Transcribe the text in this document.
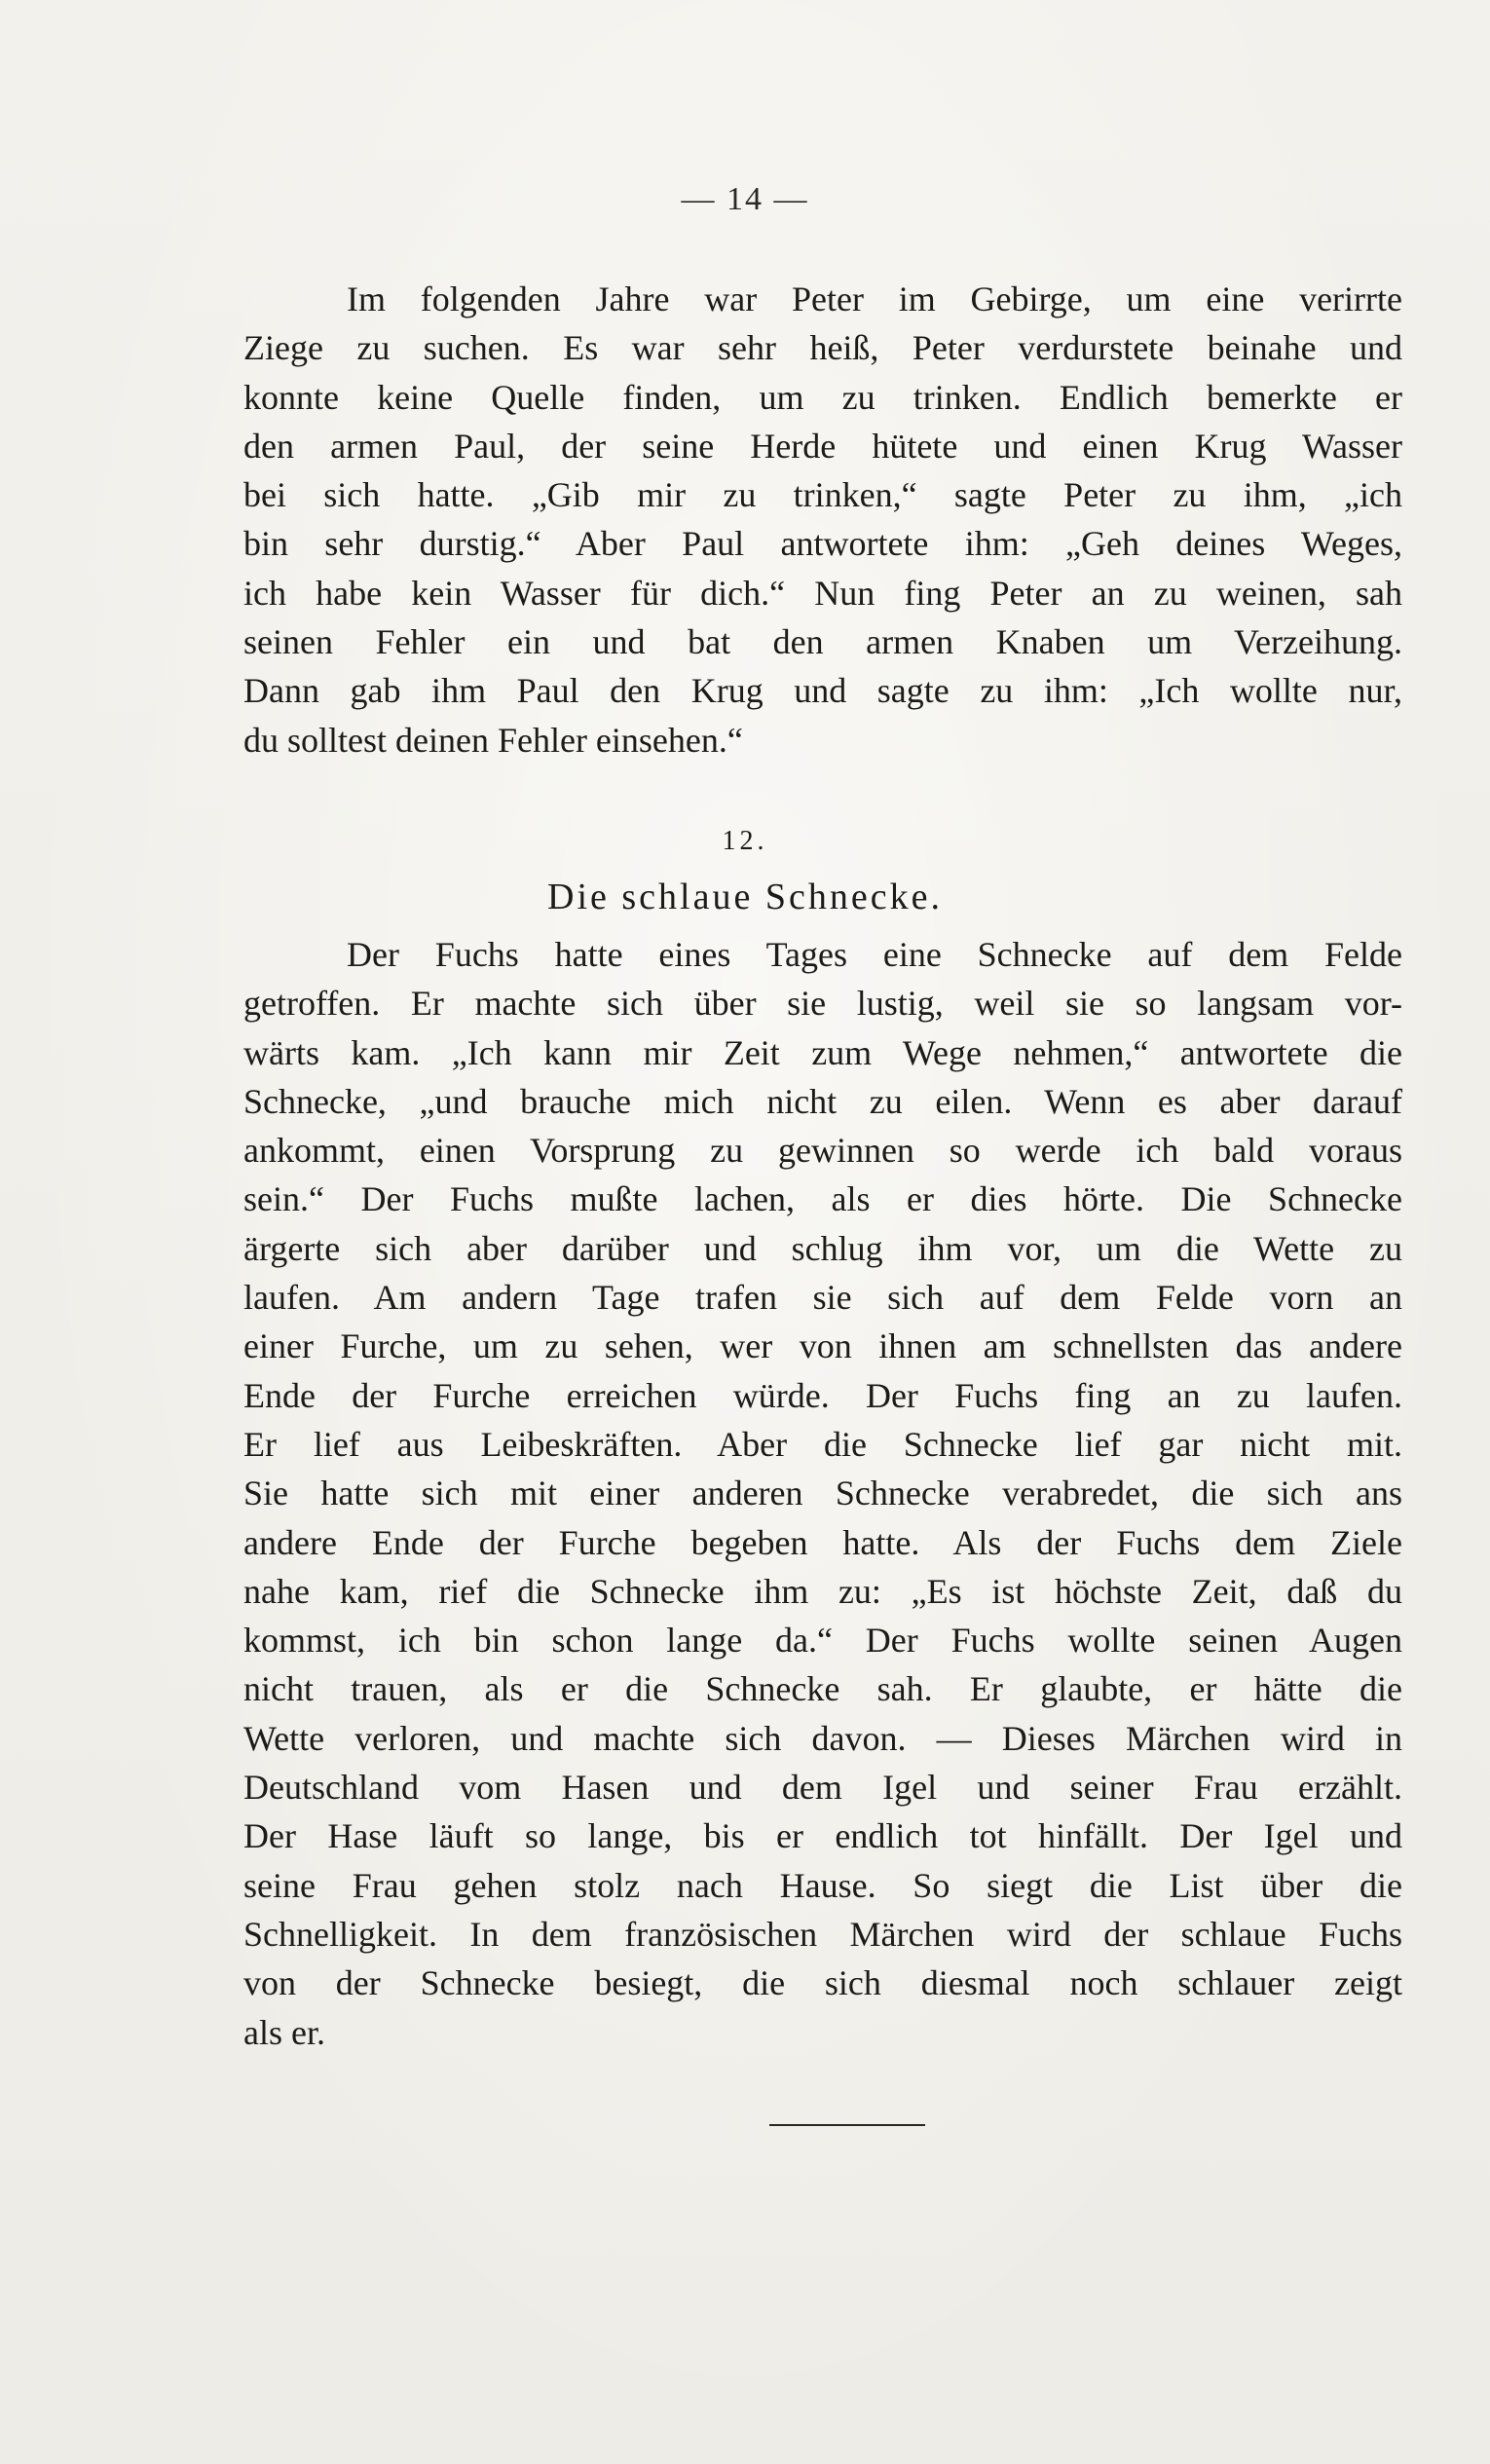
— 14 —

Im folgenden Jahre war Peter im Gebirge, um eine verirrte
Ziege zu suchen. Es war sehr heiß, Peter verdurstete beinahe und
konnte keine Quelle finden, um zu trinken. Endlich bemerkte er
den armen Paul, der seine Herde hütete und einen Krug Wasser
bei sich hatte. „Gib mir zu trinken,“ sagte Peter zu ihm, „ich
bin sehr durstig.“ Aber Paul antwortete ihm: „Geh deines Weges,
ich habe kein Wasser für dich.“ Nun fing Peter an zu weinen, sah
seinen Fehler ein und bat den armen Knaben um Verzeihung.
Dann gab ihm Paul den Krug und sagte zu ihm: „Ich wollte nur,
du solltest deinen Fehler einsehen.“

12.
Die schlaue Schnecke.

Der Fuchs hatte eines Tages eine Schnecke auf dem Felde
getroffen. Er machte sich über sie lustig, weil sie so langsam vor-
wärts kam. „Ich kann mir Zeit zum Wege nehmen,“ antwortete die
Schnecke, „und brauche mich nicht zu eilen. Wenn es aber darauf
ankommt, einen Vorsprung zu gewinnen so werde ich bald voraus
sein.“ Der Fuchs mußte lachen, als er dies hörte. Die Schnecke
ärgerte sich aber darüber und schlug ihm vor, um die Wette zu
laufen. Am andern Tage trafen sie sich auf dem Felde vorn an
einer Furche, um zu sehen, wer von ihnen am schnellsten das andere
Ende der Furche erreichen würde. Der Fuchs fing an zu laufen.
Er lief aus Leibeskräften. Aber die Schnecke lief gar nicht mit.
Sie hatte sich mit einer anderen Schnecke verabredet, die sich ans
andere Ende der Furche begeben hatte. Als der Fuchs dem Ziele
nahe kam, rief die Schnecke ihm zu: „Es ist höchste Zeit, daß du
kommst, ich bin schon lange da.“ Der Fuchs wollte seinen Augen
nicht trauen, als er die Schnecke sah. Er glaubte, er hätte die
Wette verloren, und machte sich davon. — Dieses Märchen wird in
Deutschland vom Hasen und dem Igel und seiner Frau erzählt.
Der Hase läuft so lange, bis er endlich tot hinfällt. Der Igel und
seine Frau gehen stolz nach Hause. So siegt die List über die
Schnelligkeit. In dem französischen Märchen wird der schlaue Fuchs
von der Schnecke besiegt, die sich diesmal noch schlauer zeigt
als er.
